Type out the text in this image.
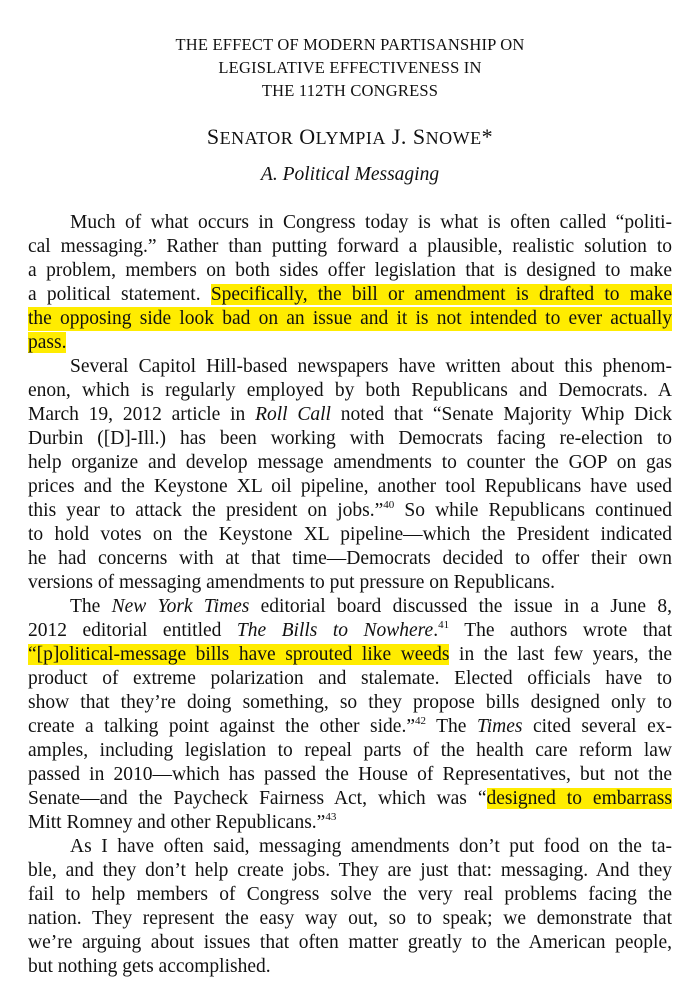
THE EFFECT OF MODERN PARTISANSHIP ON
LEGISLATIVE EFFECTIVENESS IN
THE 112TH CONGRESS
SENATOR OLYMPIA J. SNOWE*
A. Political Messaging
Much of what occurs in Congress today is what is often called “politi-
cal messaging.” Rather than putting forward a plausible, realistic solution to
a problem, members on both sides offer legislation that is designed to make
a political statement. Specifically, the bill or amendment is drafted to make
the opposing side look bad on an issue and it is not intended to ever actually
pass.
Several Capitol Hill-based newspapers have written about this phenom-
enon, which is regularly employed by both Republicans and Democrats. A
March 19, 2012 article in Roll Call noted that “Senate Majority Whip Dick
Durbin ([D]-Ill.) has been working with Democrats facing re-election to
help organize and develop message amendments to counter the GOP on gas
prices and the Keystone XL oil pipeline, another tool Republicans have used
this year to attack the president on jobs.”$^{40}$ So while Republicans continued
to hold votes on the Keystone XL pipeline—which the President indicated
he had concerns with at that time—Democrats decided to offer their own
versions of messaging amendments to put pressure on Republicans.
The New York Times editorial board discussed the issue in a June 8,
2012 editorial entitled The Bills to Nowhere.$^{41}$ The authors wrote that
“[p]olitical-message bills have sprouted like weeds in the last few years, the
product of extreme polarization and stalemate. Elected officials have to
show that they’re doing something, so they propose bills designed only to
create a talking point against the other side.”$^{42}$ The Times cited several ex-
amples, including legislation to repeal parts of the health care reform law
passed in 2010—which has passed the House of Representatives, but not the
Senate—and the Paycheck Fairness Act, which was “designed to embarrass
Mitt Romney and other Republicans.”$^{43}$
As I have often said, messaging amendments don’t put food on the ta-
ble, and they don’t help create jobs. They are just that: messaging. And they
fail to help members of Congress solve the very real problems facing the
nation. They represent the easy way out, so to speak; we demonstrate that
we’re arguing about issues that often matter greatly to the American people,
but nothing gets accomplished.
